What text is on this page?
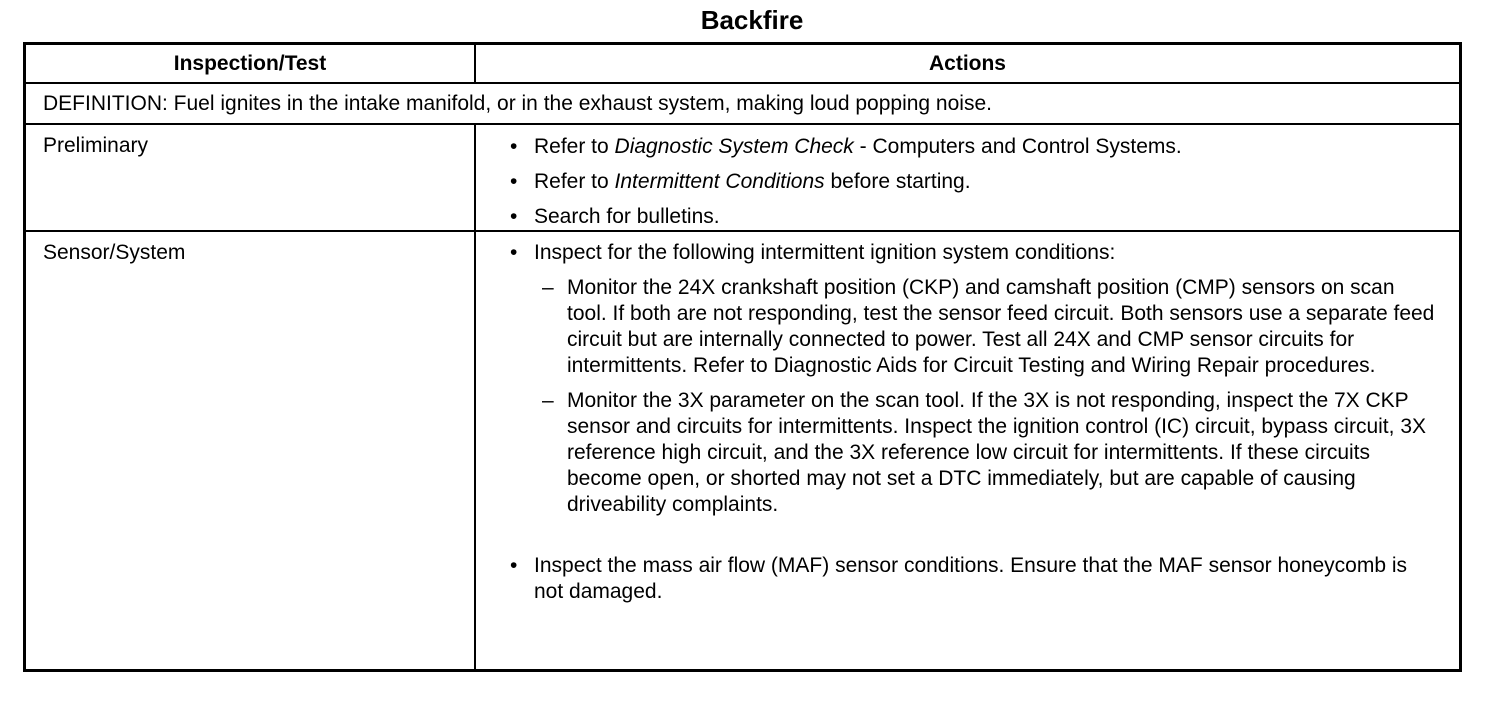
Backfire
Inspection/Test	Actions
DEFINITION: Fuel ignites in the intake manifold, or in the exhaust system, making loud popping noise.
Preliminary	• Refer to Diagnostic System Check - Computers and Control Systems.
• Refer to Intermittent Conditions before starting.
• Search for bulletins.
Sensor/System	• Inspect for the following intermittent ignition system conditions:
– Monitor the 24X crankshaft position (CKP) and camshaft position (CMP) sensors on scan tool. If both are not responding, test the sensor feed circuit. Both sensors use a separate feed circuit but are internally connected to power. Test all 24X and CMP sensor circuits for intermittents. Refer to Diagnostic Aids for Circuit Testing and Wiring Repair procedures.
– Monitor the 3X parameter on the scan tool. If the 3X is not responding, inspect the 7X CKP sensor and circuits for intermittents. Inspect the ignition control (IC) circuit, bypass circuit, 3X reference high circuit, and the 3X reference low circuit for intermittents. If these circuits become open, or shorted may not set a DTC immediately, but are capable of causing driveability complaints.
• Inspect the mass air flow (MAF) sensor conditions. Ensure that the MAF sensor honeycomb is not damaged.
